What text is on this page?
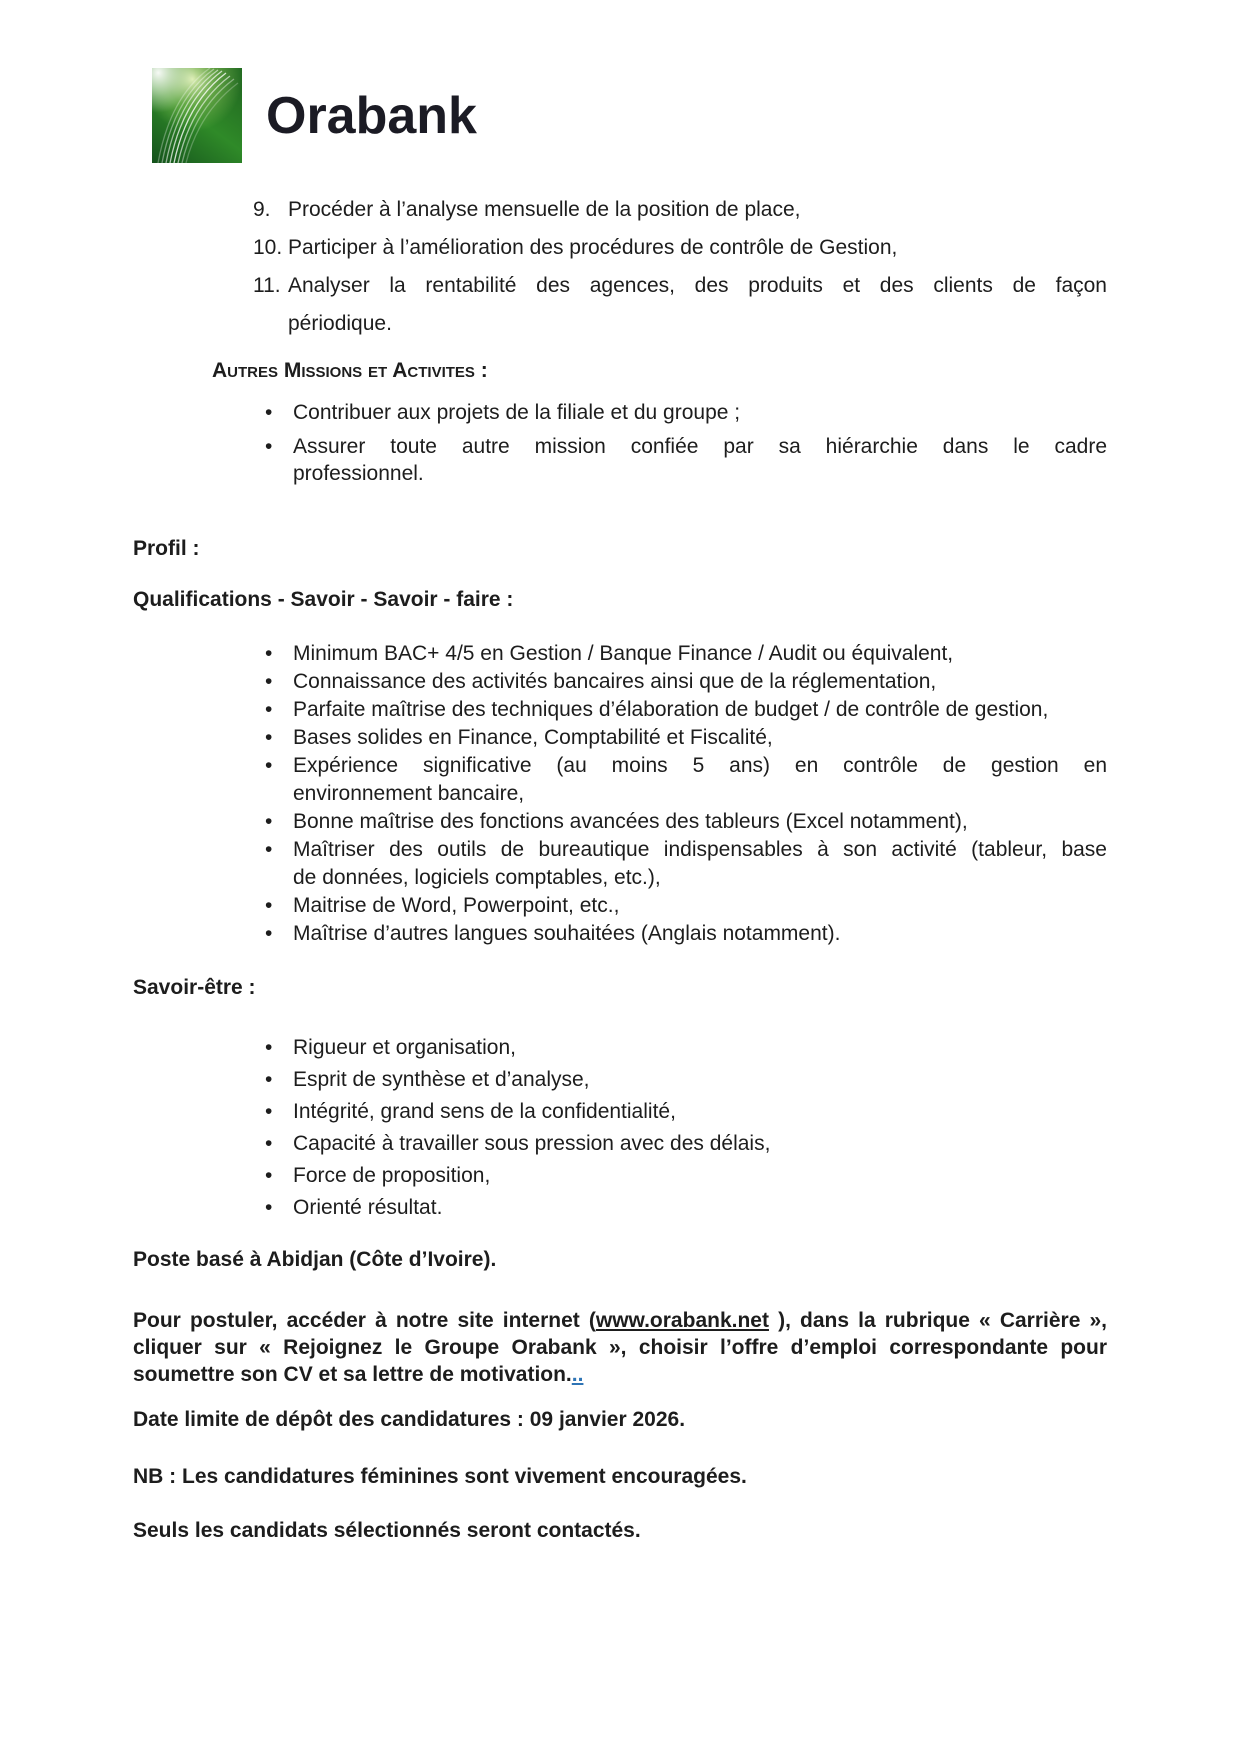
Orabank
9. Procéder à l’analyse mensuelle de la position de place,
10. Participer à l’amélioration des procédures de contrôle de Gestion,
11. Analyser la rentabilité des agences, des produits et des clients de façon
périodique.
Autres Missions et Activites :
• Contribuer aux projets de la filiale et du groupe ;
• Assurer toute autre mission confiée par sa hiérarchie dans le cadre
professionnel.
Profil :
Qualifications - Savoir - Savoir - faire :
• Minimum BAC+ 4/5 en Gestion / Banque Finance / Audit ou équivalent,
• Connaissance des activités bancaires ainsi que de la réglementation,
• Parfaite maîtrise des techniques d’élaboration de budget / de contrôle de gestion,
• Bases solides en Finance, Comptabilité et Fiscalité,
• Expérience significative (au moins 5 ans) en contrôle de gestion en
environnement bancaire,
• Bonne maîtrise des fonctions avancées des tableurs (Excel notamment),
• Maîtriser des outils de bureautique indispensables à son activité (tableur, base
de données, logiciels comptables, etc.),
• Maitrise de Word, Powerpoint, etc.,
• Maîtrise d’autres langues souhaitées (Anglais notamment).
Savoir-être :
• Rigueur et organisation,
• Esprit de synthèse et d’analyse,
• Intégrité, grand sens de la confidentialité,
• Capacité à travailler sous pression avec des délais,
• Force de proposition,
• Orienté résultat.

Poste basé à Abidjan (Côte d’Ivoire).

Pour postuler, accéder à notre site internet (www.orabank.net ), dans la rubrique « Carrière », cliquer sur « Rejoignez le Groupe Orabank », choisir l’offre d’emploi correspondante pour soumettre son CV et sa lettre de motivation...

Date limite de dépôt des candidatures : 09 janvier 2026.

NB : Les candidatures féminines sont vivement encouragées.

Seuls les candidats sélectionnés seront contactés.
